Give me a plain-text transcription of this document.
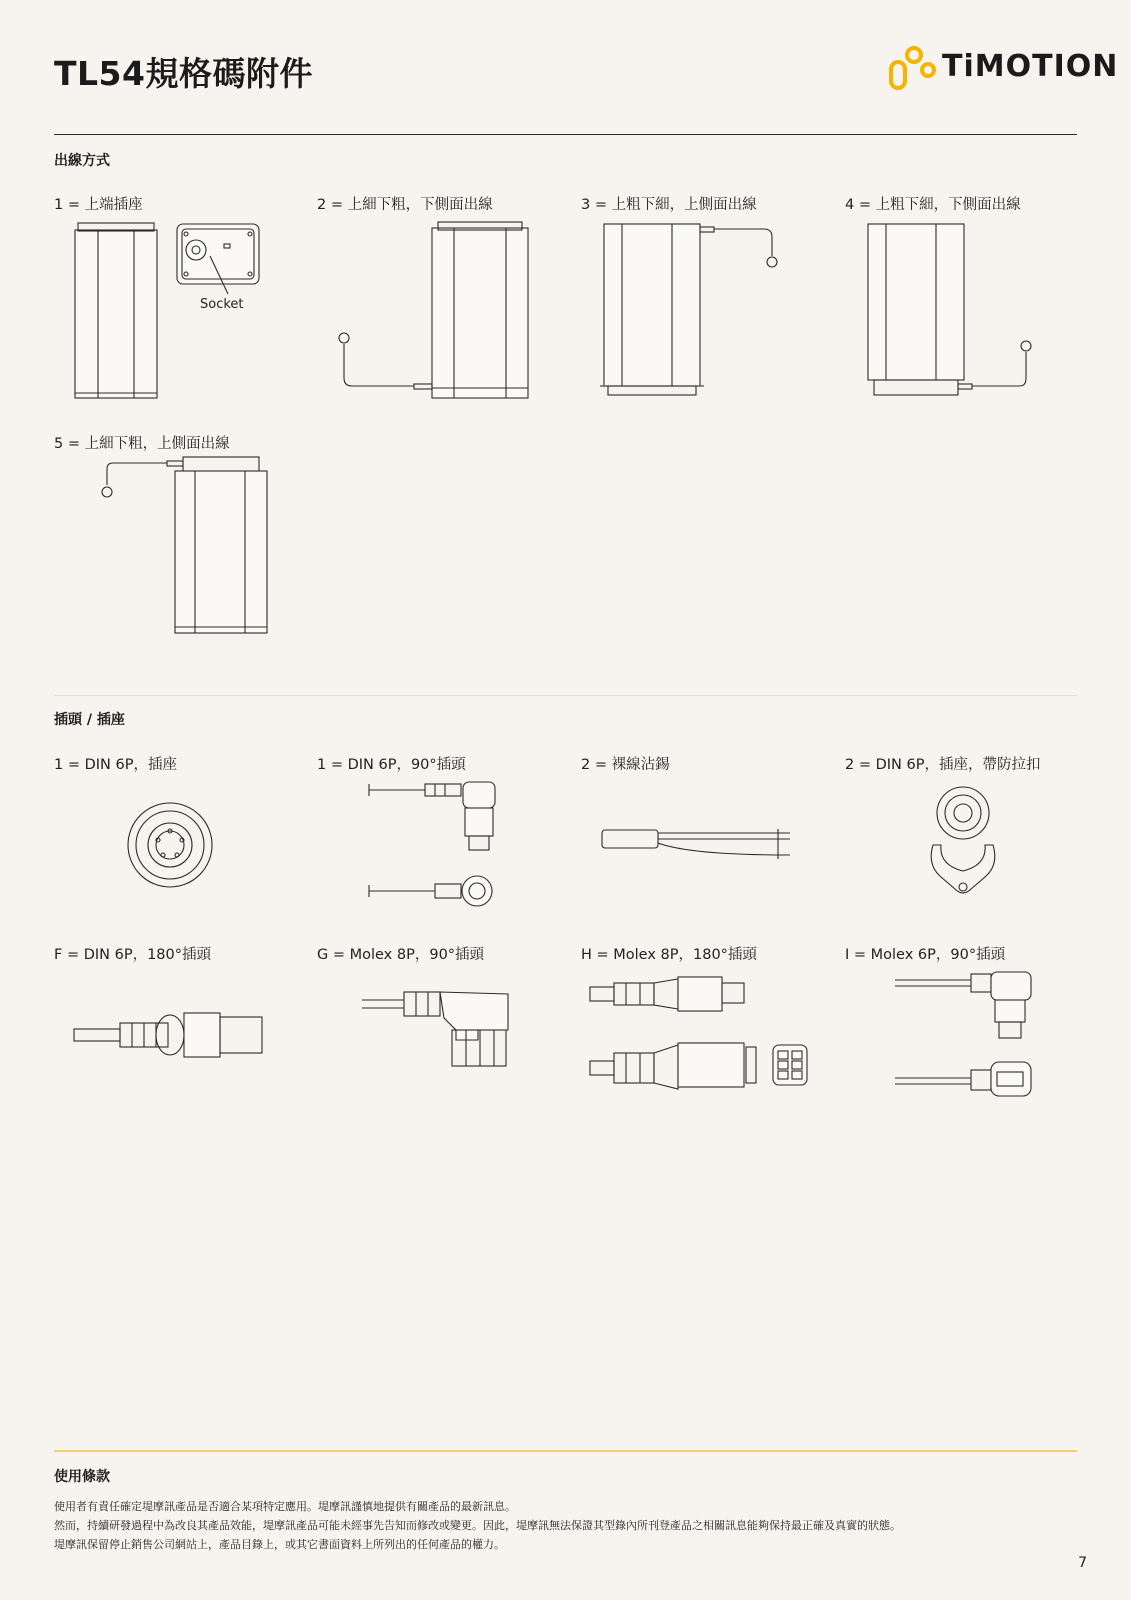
TL54規格碼附件	TiMOTION
出線方式
1 = 上端插座	2 = 上細下粗，下側面出線	3 = 上粗下細，上側面出線	4 = 上粗下細，下側面出線
Socket
5 = 上細下粗，上側面出線
插頭 / 插座
1 = DIN 6P，插座	1 = DIN 6P，90°插頭	2 = 裸線沾錫	2 = DIN 6P，插座，帶防拉扣
F = DIN 6P，180°插頭	G = Molex 8P，90°插頭	H = Molex 8P，180°插頭	I = Molex 6P，90°插頭
使用條款

使用者有責任確定堤摩訊產品是否適合某項特定應用。堤摩訊謹慎地提供有關產品的最新訊息。

然而，持續研發過程中為改良其產品效能，堤摩訊產品可能未經事先告知而修改或變更。因此，堤摩訊無法保證其型錄內所刊登產品之相關訊息能夠保持最正確及真實的狀態。

堤摩訊保留停止銷售公司網站上，產品目錄上，或其它書面資料上所列出的任何產品的權力。

7
